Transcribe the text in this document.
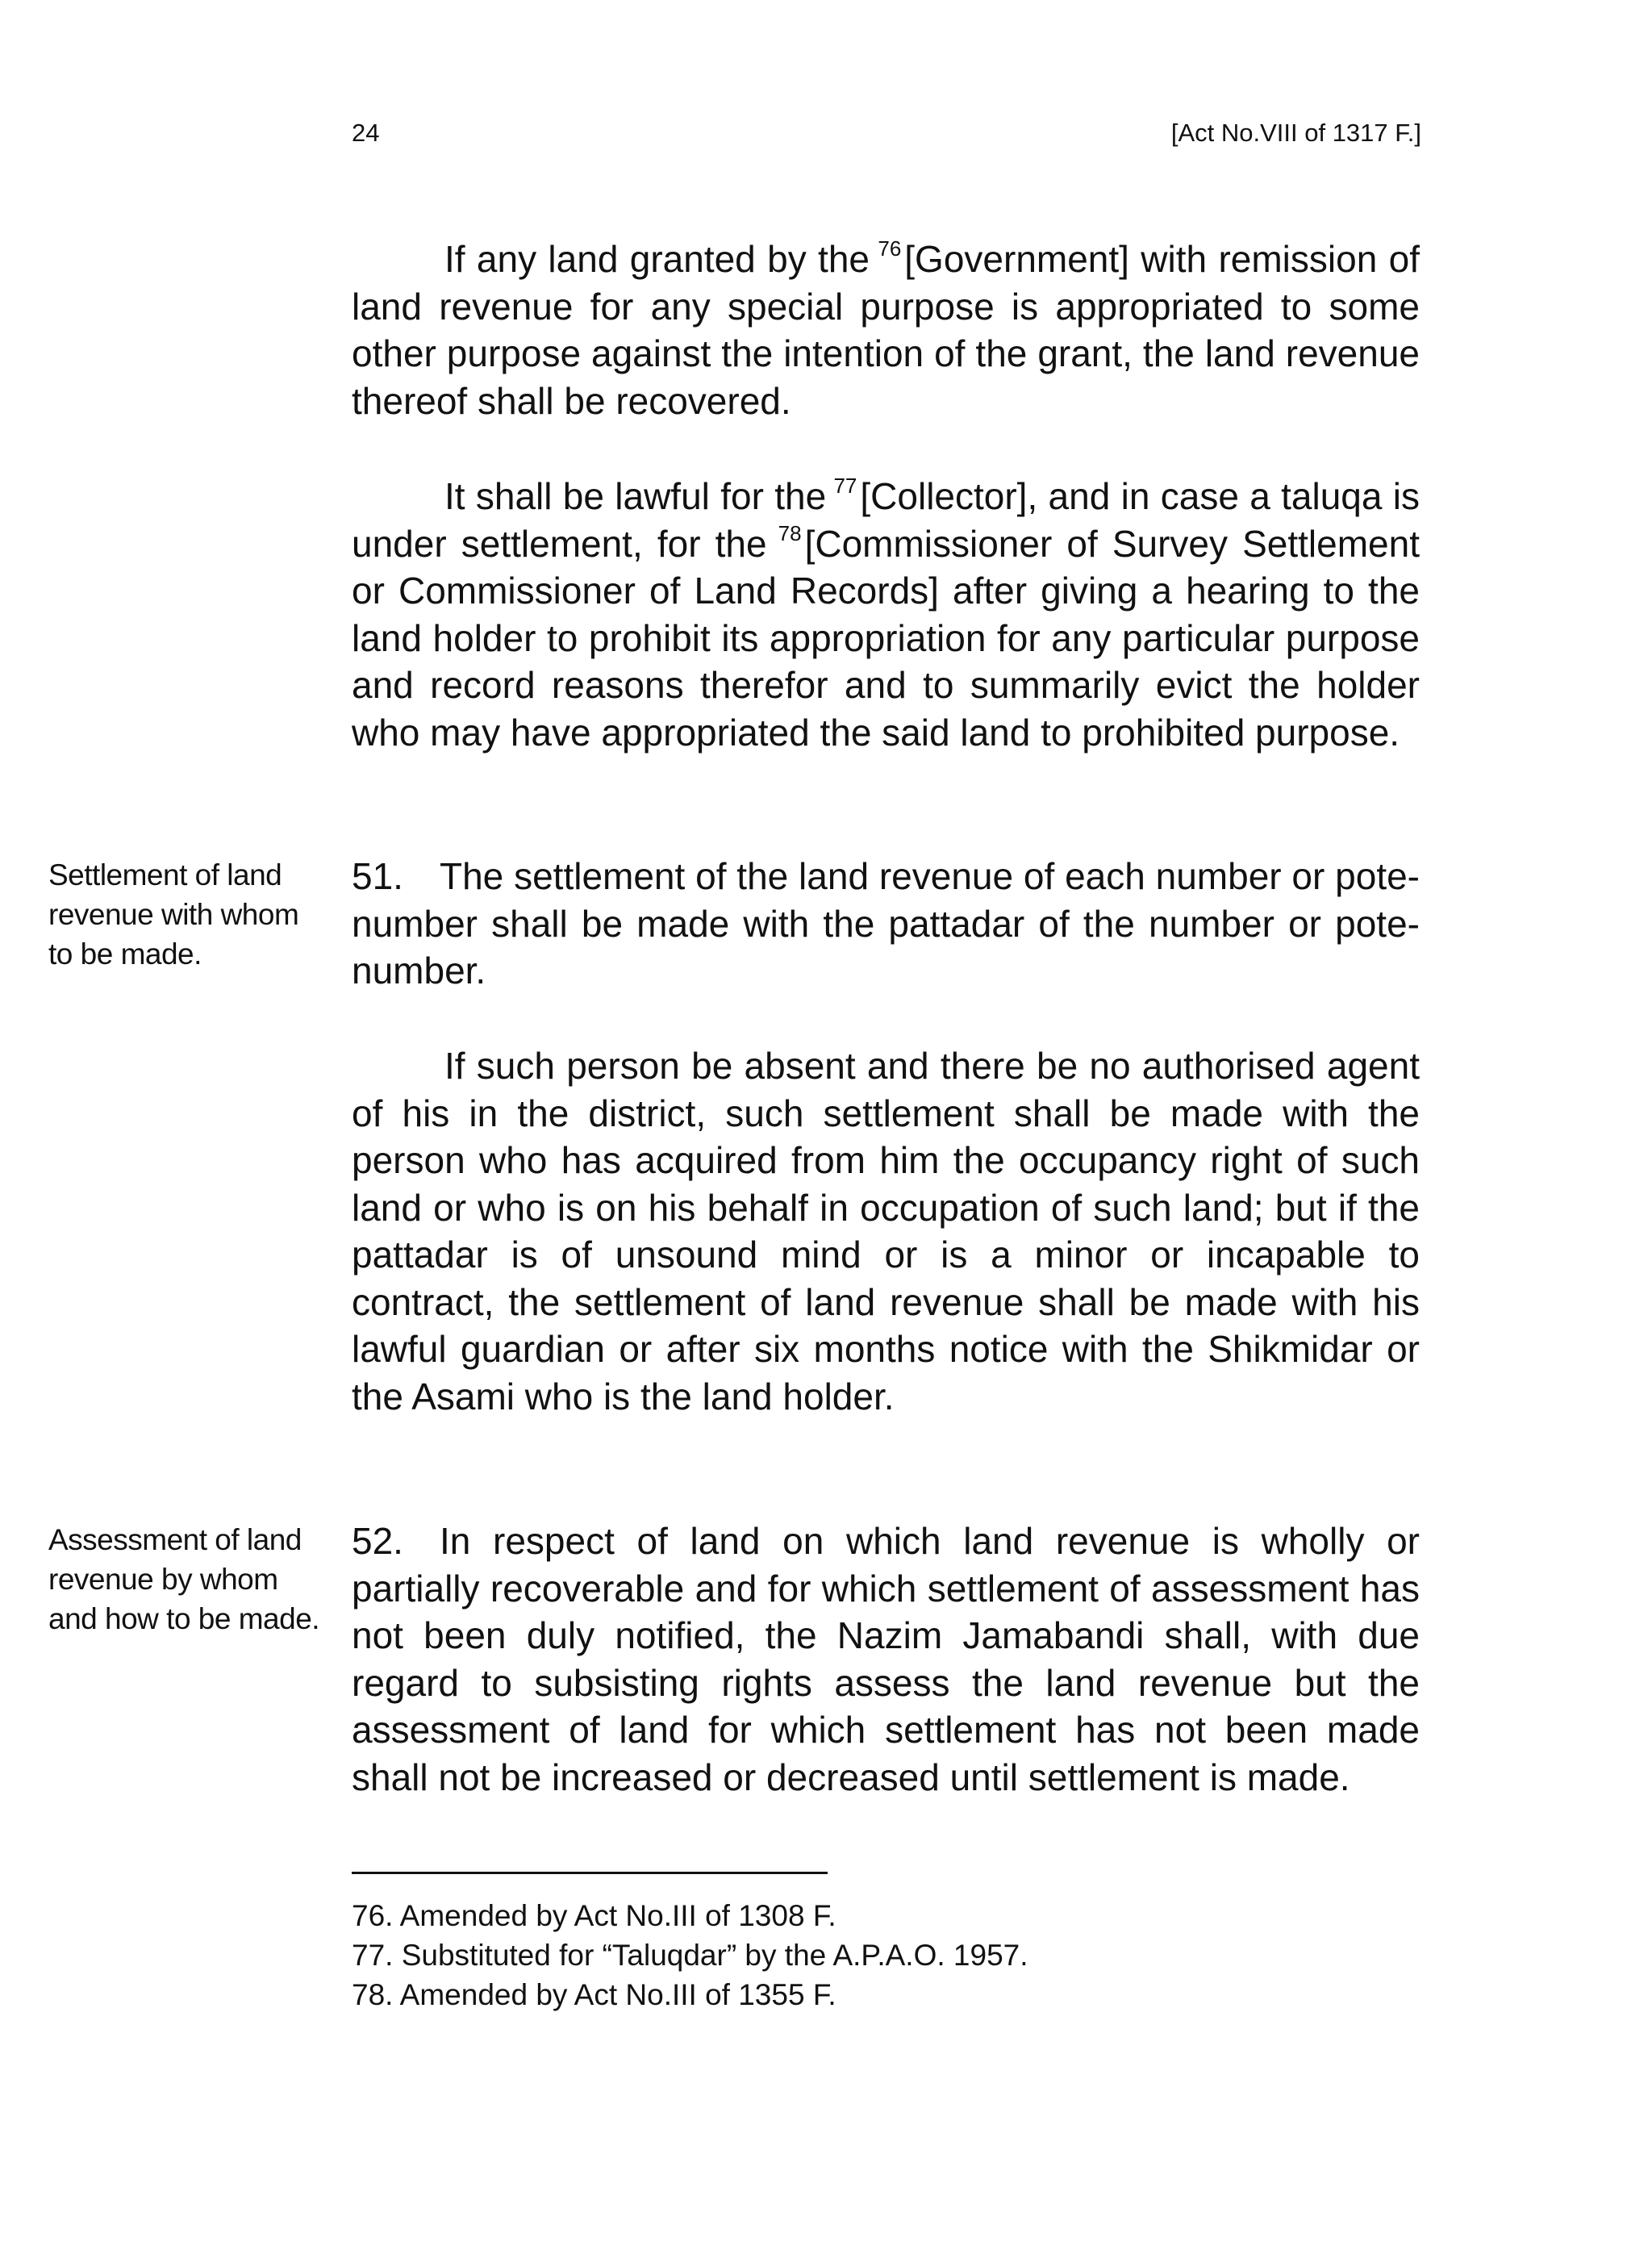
24	[Act No.VIII of 1317 F.]

If any land granted by the $^{76}$[Government] with remission of land revenue for any special purpose is appropriated to some other purpose against the intention of the grant, the land revenue thereof shall be recovered.

It shall be lawful for the $^{77}$[Collector], and in case a taluqa is under settlement, for the $^{78}$[Commissioner of Survey Settlement or Commissioner of Land Records] after giving a hearing to the land holder to prohibit its appropriation for any particular purpose and record reasons therefor and to summarily evict the holder who may have appropriated the said land to prohibited purpose.

Settlement of land revenue with whom to be made.

51. The settlement of the land revenue of each number or pote-number shall be made with the pattadar of the number or pote-number.

If such person be absent and there be no authorised agent of his in the district, such settlement shall be made with the person who has acquired from him the occupancy right of such land or who is on his behalf in occupation of such land; but if the pattadar is of unsound mind or is a minor or incapable to contract, the settlement of land revenue shall be made with his lawful guardian or after six months notice with the Shikmidar or the Asami who is the land holder.

Assessment of land revenue by whom and how to be made.

52. In respect of land on which land revenue is wholly or partially recoverable and for which settlement of assessment has not been duly notified, the Nazim Jamabandi shall, with due regard to subsisting rights assess the land revenue but the assessment of land for which settlement has not been made shall not be increased or decreased until settlement is made.

76. Amended by Act No.III of 1308 F.
77. Substituted for “Taluqdar” by the A.P.A.O. 1957.
78. Amended by Act No.III of 1355 F.
